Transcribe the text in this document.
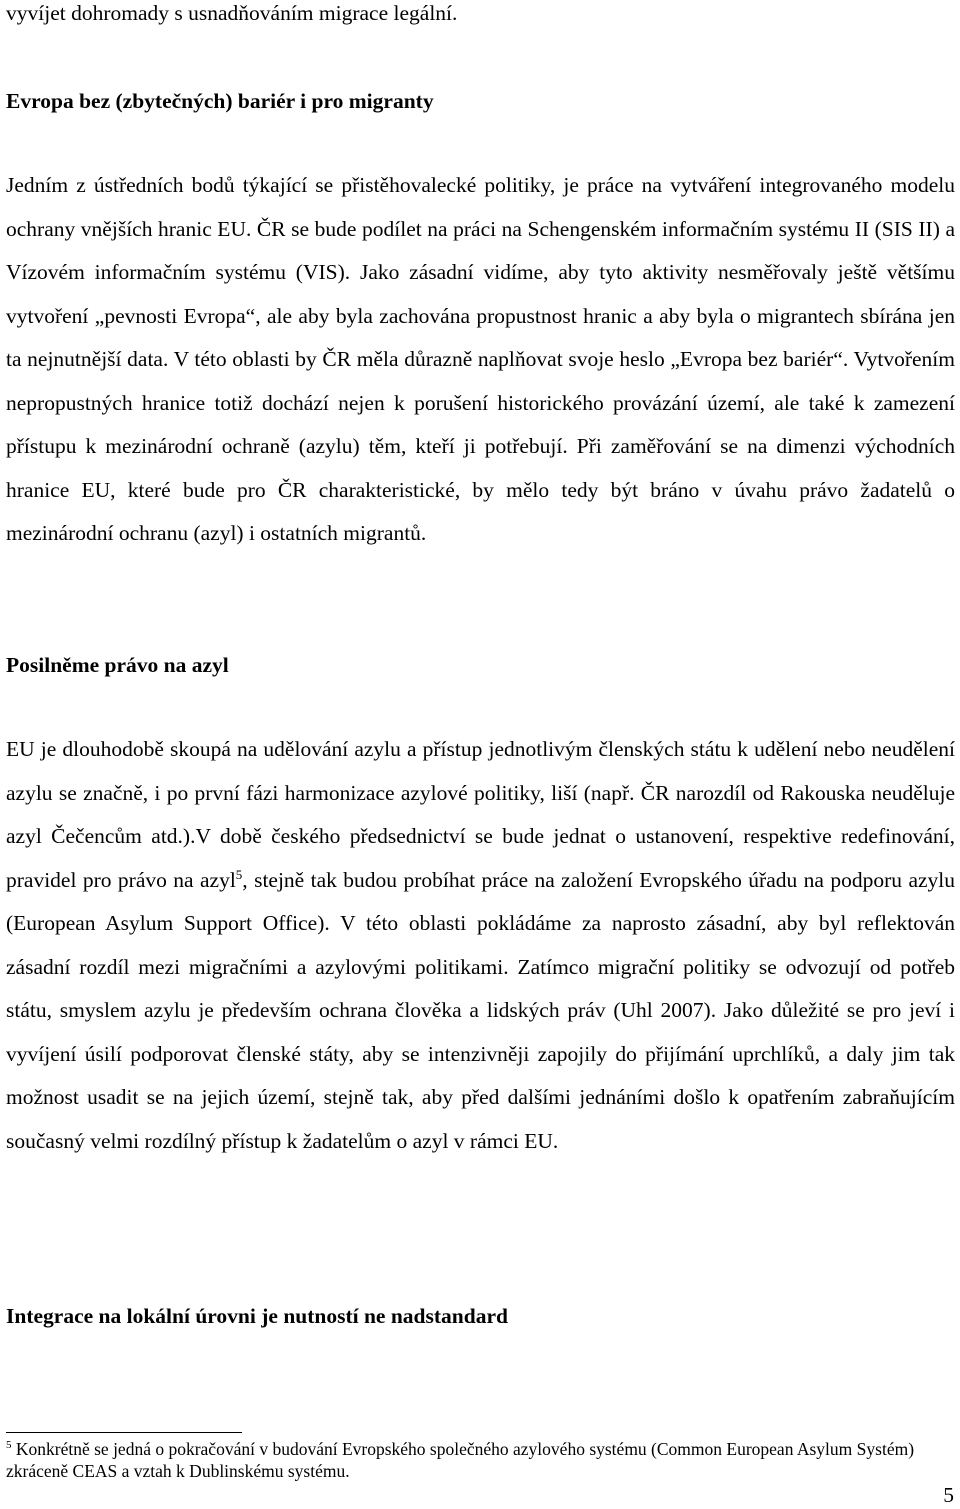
vyvíjet dohromady s usnadňováním migrace legální.

Evropa bez (zbytečných) bariér i pro migranty

Jedním z ústředních bodů týkající se přistěhovalecké politiky, je práce na vytváření integrovaného modelu ochrany vnějších hranic EU. ČR se bude podílet na práci na Schengenském informačním systému II (SIS II) a Vízovém informačním systému (VIS). Jako zásadní vidíme, aby tyto aktivity nesměřovaly ještě většímu vytvoření „pevnosti Evropa“, ale aby byla zachována propustnost hranic a aby byla o migrantech sbírána jen ta nejnutnější data. V této oblasti by ČR měla důrazně naplňovat svoje heslo „Evropa bez bariér“. Vytvořením nepropustných hranice totiž dochází nejen k porušení historického provázání území, ale také k zamezení přístupu k mezinárodní ochraně (azylu) těm, kteří ji potřebují. Při zaměřování se na dimenzi východních hranice EU, které bude pro ČR charakteristické, by mělo tedy být bráno v úvahu právo žadatelů o mezinárodní ochranu (azyl) i ostatních migrantů.

Posilněme právo na azyl

EU je dlouhodobě skoupá na udělování azylu a přístup jednotlivým členských státu k udělení nebo neudělení azylu se značně, i po první fázi harmonizace azylové politiky, liší (např. ČR narozdíl od Rakouska neuděluje azyl Čečencům atd.).V době českého předsednictví se bude jednat o ustanovení, respektive redefinování, pravidel pro právo na azyl$^5$, stejně tak budou probíhat práce na založení Evropského úřadu na podporu azylu (European Asylum Support Office). V této oblasti pokládáme za naprosto zásadní, aby byl reflektován zásadní rozdíl mezi migračními a azylovými politikami. Zatímco migrační politiky se odvozují od potřeb státu, smyslem azylu je především ochrana člověka a lidských práv (Uhl 2007). Jako důležité se pro jeví i vyvíjení úsilí podporovat členské státy, aby se intenzivněji zapojily do přijímání uprchlíků, a daly jim tak možnost usadit se na jejich území, stejně tak, aby před dalšími jednáními došlo k opatřením zabraňujícím současný velmi rozdílný přístup k žadatelům o azyl v rámci EU.

Integrace na lokální úrovni je nutností ne nadstandard

$^5$ Konkrétně se jedná o pokračování v budování Evropského společného azylového systému (Common European Asylum Systém) zkráceně CEAS a vztah k Dublinskému systému.

5
